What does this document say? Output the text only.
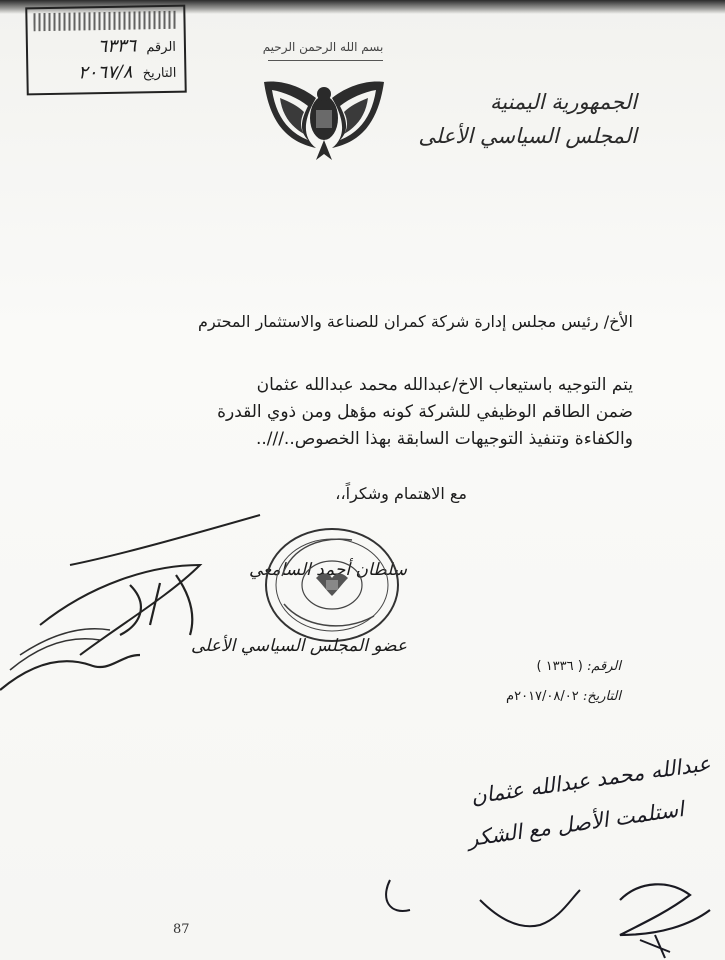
الرقم ٦٣٣٦
التاريخ ٢٠٦٧/٨
بسم الله الرحمن الرحيم
الجمهورية اليمنية
المجلس السياسي الأعلى
الأخ/ رئيس مجلس إدارة شركة كمران للصناعة والاستثمار المحترم
يتم التوجيه باستيعاب الاخ/عبدالله محمد عبدالله عثمان
ضمن الطاقم الوظيفي للشركة كونه مؤهل ومن ذوي القدرة
والكفاءة وتنفيذ التوجيهات السابقة بهذا الخصوص..///..
مع الاهتمام وشكراً،،
سلطان أحمد السامعي
عضو المجلس السياسي الأعلى
الرقم: ( ١٣٣٦ )
التاريخ: ٢٠١٧/٠٨/٠٢م
عبدالله محمد عبدالله عثمان
استلمت الأصل مع الشكر
87
